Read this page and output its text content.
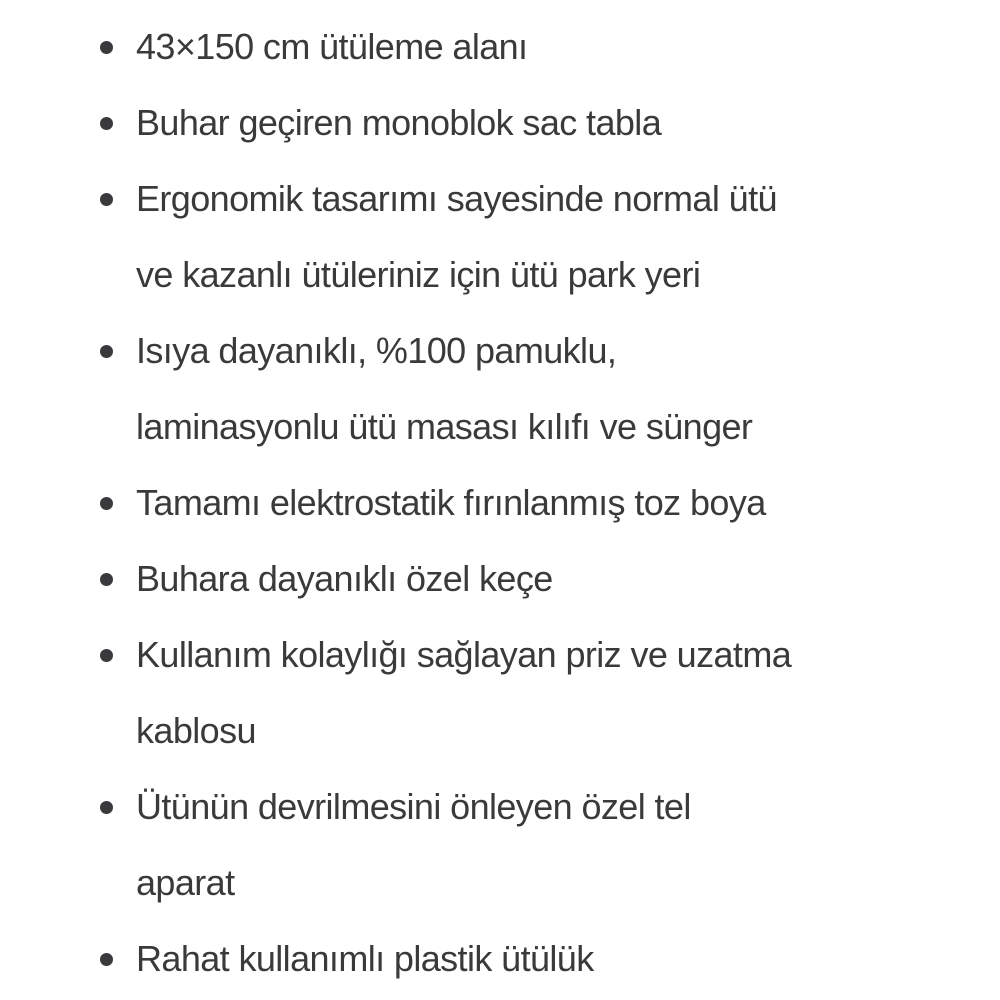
43×150 cm ütüleme alanı
Buhar geçiren monoblok sac tabla
Ergonomik tasarımı sayesinde normal ütü
ve kazanlı ütüleriniz için ütü park yeri
Isıya dayanıklı, %100 pamuklu,
laminasyonlu ütü masası kılıfı ve sünger
Tamamı elektrostatik fırınlanmış toz boya
Buhara dayanıklı özel keçe
Kullanım kolaylığı sağlayan priz ve uzatma
kablosu
Ütünün devrilmesini önleyen özel tel
aparat
Rahat kullanımlı plastik ütülük
